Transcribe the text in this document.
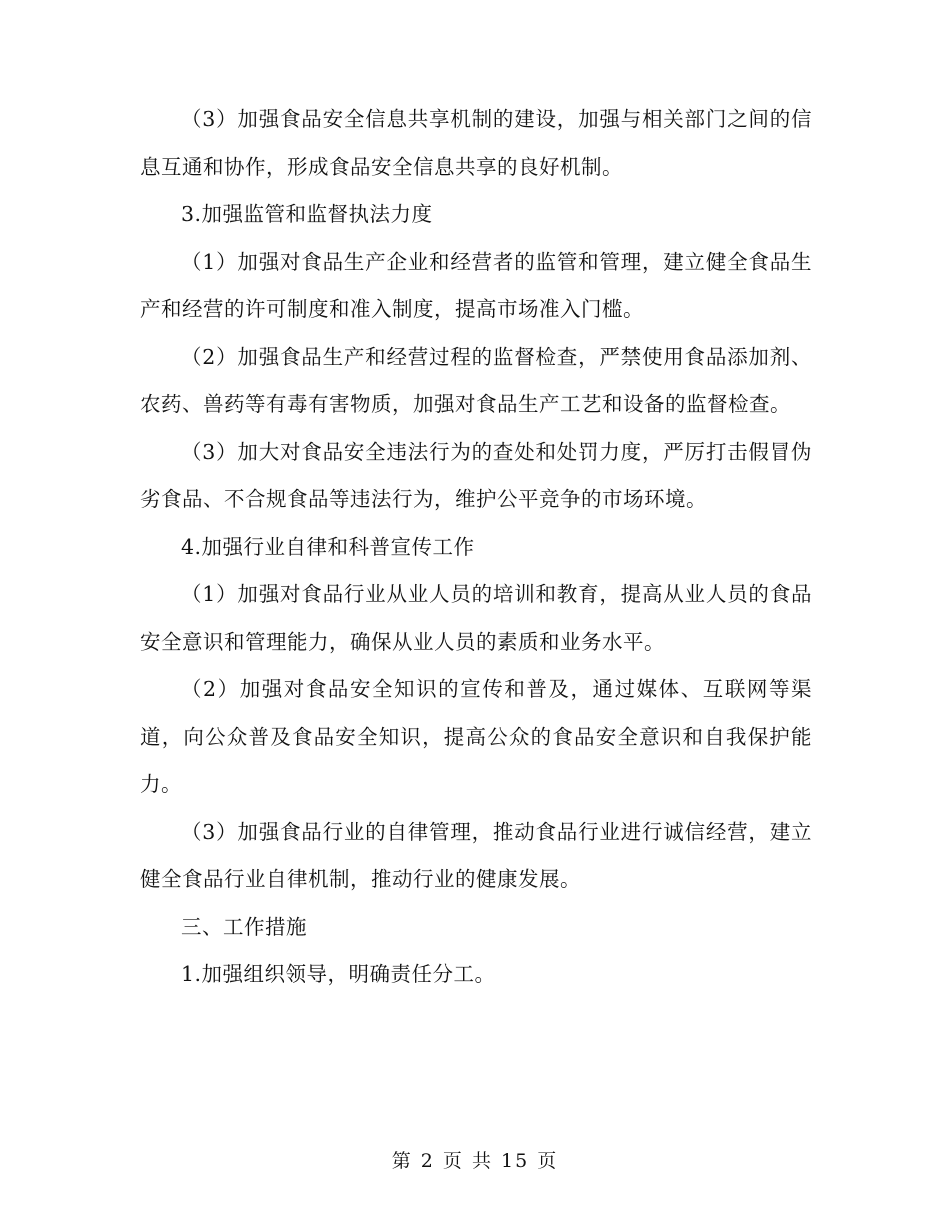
（3）加强食品安全信息共享机制的建设，加强与相关部门之间的信息互通和协作，形成食品安全信息共享的良好机制。

3.加强监管和监督执法力度

（1）加强对食品生产企业和经营者的监管和管理，建立健全食品生产和经营的许可制度和准入制度，提高市场准入门槛。

（2）加强食品生产和经营过程的监督检查，严禁使用食品添加剂、农药、兽药等有毒有害物质，加强对食品生产工艺和设备的监督检查。

（3）加大对食品安全违法行为的查处和处罚力度，严厉打击假冒伪劣食品、不合规食品等违法行为，维护公平竞争的市场环境。

4.加强行业自律和科普宣传工作

（1）加强对食品行业从业人员的培训和教育，提高从业人员的食品安全意识和管理能力，确保从业人员的素质和业务水平。

（2）加强对食品安全知识的宣传和普及，通过媒体、互联网等渠道，向公众普及食品安全知识，提高公众的食品安全意识和自我保护能力。

（3）加强食品行业的自律管理，推动食品行业进行诚信经营，建立健全食品行业自律机制，推动行业的健康发展。

三、工作措施

1.加强组织领导，明确责任分工。

第 2 页 共 15 页
